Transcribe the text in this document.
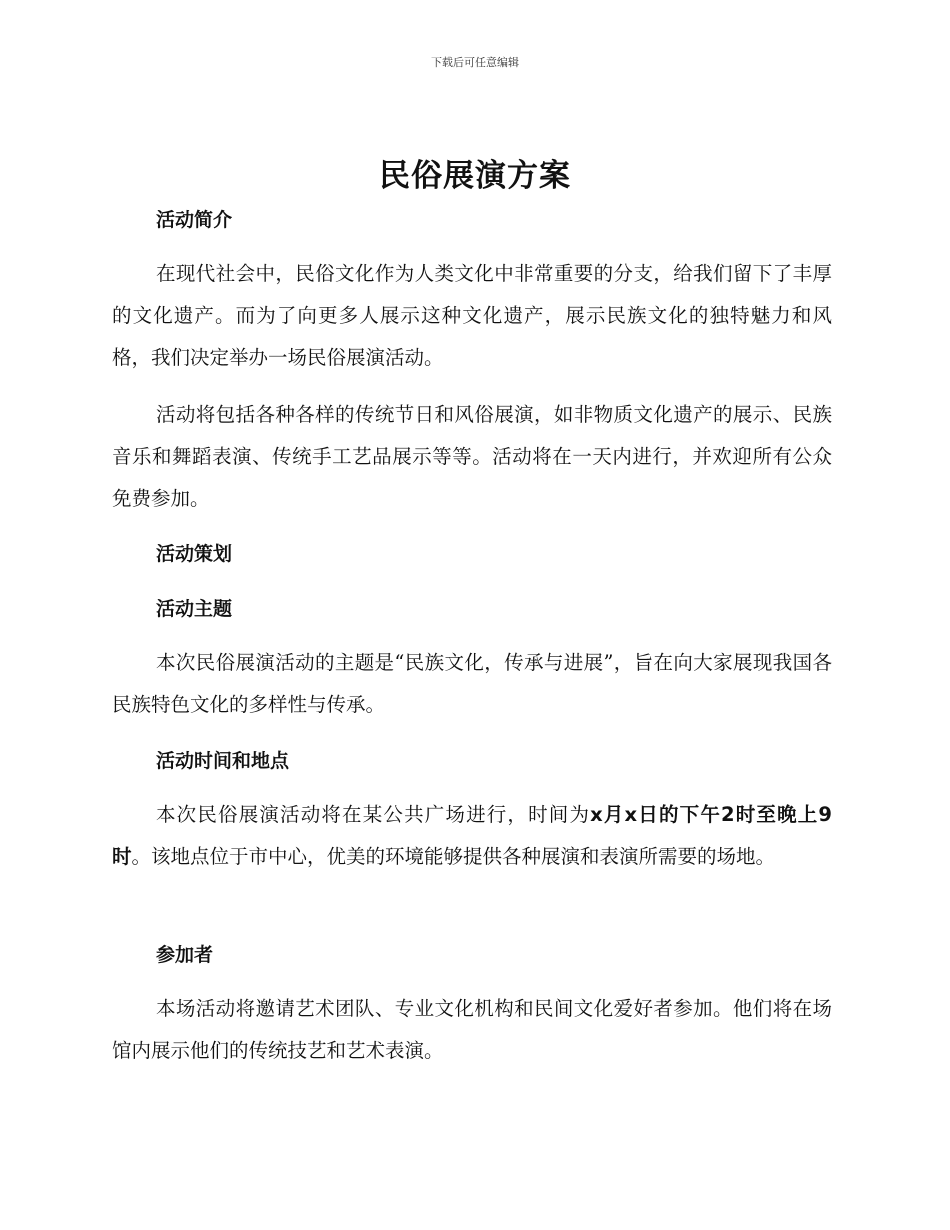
下载后可任意编辑
民俗展演方案
活动简介

在现代社会中，民俗文化作为人类文化中非常重要的分支，给我们留下了丰厚的文化遗产。而为了向更多人展示这种文化遗产，展示民族文化的独特魅力和风格，我们决定举办一场民俗展演活动。

活动将包括各种各样的传统节日和风俗展演，如非物质文化遗产的展示、民族音乐和舞蹈表演、传统手工艺品展示等等。活动将在一天内进行，并欢迎所有公众免费参加。

活动策划
活动主题

本次民俗展演活动的主题是“民族文化，传承与进展”，旨在向大家展现我国各民族特色文化的多样性与传承。

活动时间和地点

本次民俗展演活动将在某公共广场进行，时间为x月x日的下午2时至晚上9时。该地点位于市中心，优美的环境能够提供各种展演和表演所需要的场地。

参加者

本场活动将邀请艺术团队、专业文化机构和民间文化爱好者参加。他们将在场馆内展示他们的传统技艺和艺术表演。
